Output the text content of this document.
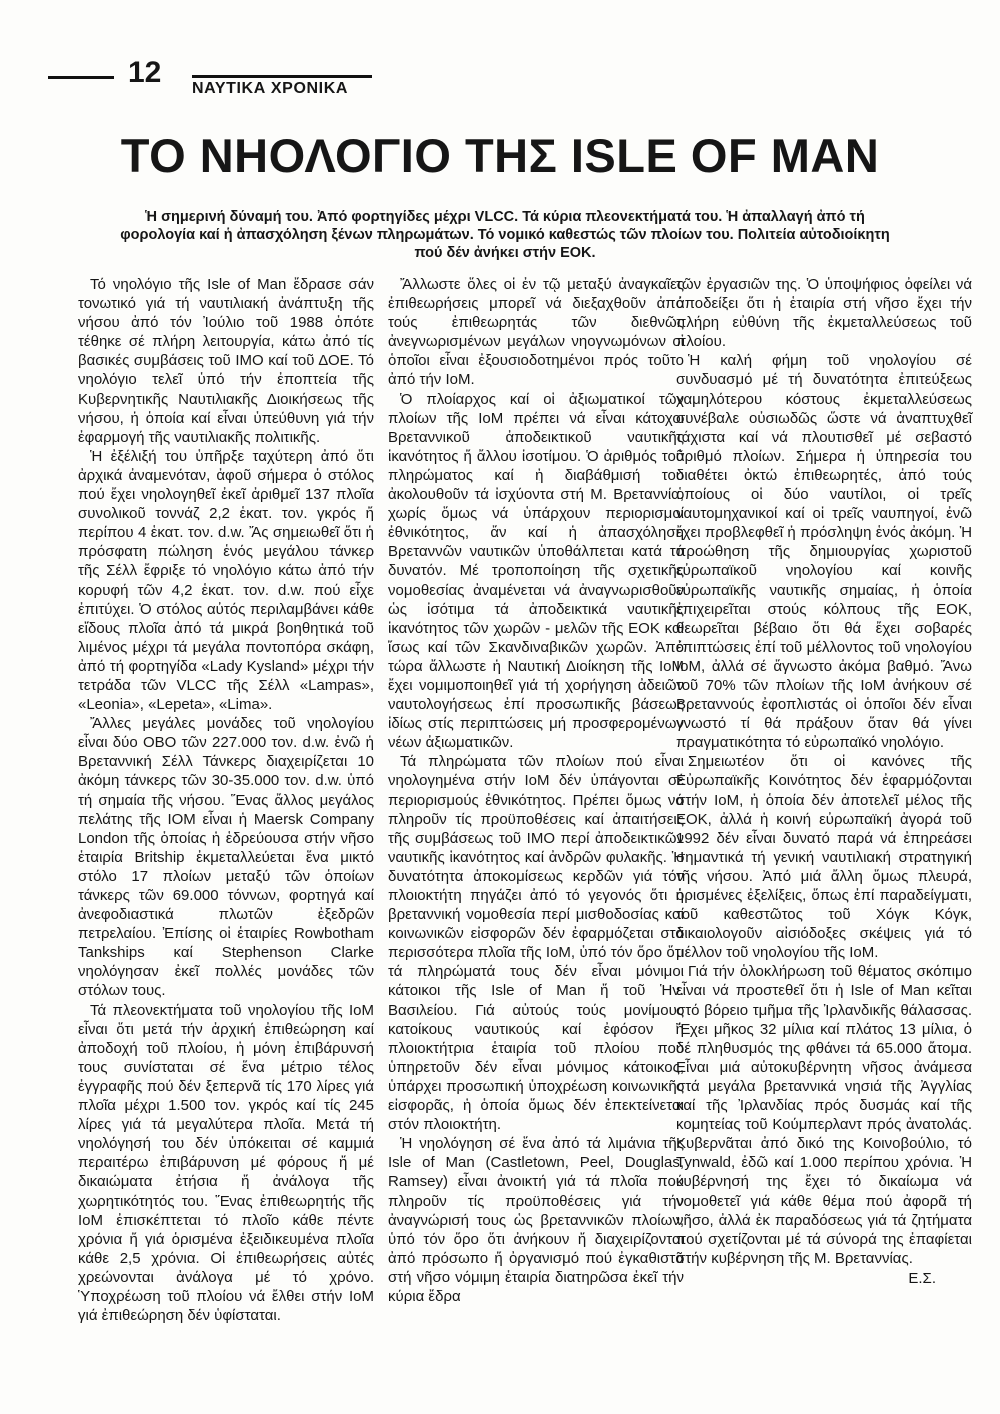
12 ΝΑΥΤΙΚΑ ΧΡΟΝΙΚΑ
ΤΟ ΝΗΟΛΟΓΙΟ ΤΗΣ ISLE OF MAN

Ἡ σημερινή δύναμή του. Ἀπό φορτηγίδες μέχρι VLCC. Τά κύρια πλεονεκτήματά του. Ἡ ἀπαλλαγή ἀπό τή φορολογία καί ἡ ἀπασχόληση ξένων πληρωμάτων. Τό νομικό καθεστώς τῶν πλοίων του. Πολιτεία αὐτοδιοίκητη πού δέν ἀνήκει στήν ΕΟΚ.

Τό νηολόγιο τῆς Isle of Man ἔδρασε σάν τονωτικό γιά τή ναυτιλιακή ἀνάπτυξη τῆς νήσου ἀπό τόν Ἰούλιο τοῦ 1988 ὁπότε τέθηκε σέ πλήρη λειτουργία, κάτω ἀπό τίς βασικές συμβάσεις τοῦ ΙΜΟ καί τοῦ ΔΟΕ. Τό νηολόγιο τελεῖ ὑπό τήν ἐποπτεία τῆς Κυβερνητικῆς Ναυτιλιακῆς Διοικήσεως τῆς νήσου, ἡ ὁποία καί εἶναι ὑπεύθυνη γιά τήν ἐφαρμογή τῆς ναυτιλιακῆς πολιτικῆς.

Ἡ ἐξέλιξή του ὑπῆρξε ταχύτερη ἀπό ὅτι ἀρχικά ἀναμενόταν, ἀφοῦ σήμερα ὁ στόλος πού ἔχει νηολογηθεῖ ἐκεῖ ἀριθμεῖ 137 πλοῖα συνολικοῦ τοννάζ 2,2 ἑκατ. τον. γκρός ἤ περίπου 4 ἑκατ. τον. d.w. Ἄς σημειωθεῖ ὅτι ἡ πρόσφατη πώληση ἑνός μεγάλου τάνκερ τῆς Σέλλ ἔφριξε τό νηολόγιο κάτω ἀπό τήν κορυφή τῶν 4,2 ἑκατ. τον. d.w. πού εἶχε ἐπιτύχει. Ὁ στόλος αὐτός περιλαμβάνει κάθε εἴδους πλοῖα ἀπό τά μικρά βοηθητικά τοῦ λιμένος μέχρι τά μεγάλα ποντοπόρα σκάφη, ἀπό τή φορτηγίδα «Lady Kysland» μέχρι τήν τετράδα τῶν VLCC τῆς Σέλλ «Lampas», «Leonia», «Lepeta», «Lima».

Ἄλλες μεγάλες μονάδες τοῦ νηολογίου εἶναι δύο ΟΒΟ τῶν 227.000 τον. d.w. ἐνῶ ἡ Βρεταννική Σέλλ Τάνκερς διαχειρίζεται 10 ἀκόμη τάνκερς τῶν 30-35.000 τον. d.w. ὑπό τή σημαία τῆς νήσου. Ἕνας ἄλλος μεγάλος πελάτης τῆς ΙΟΜ εἶναι ἡ Maersk Company London τῆς ὁποίας ἡ ἑδρεύουσα στήν νῆσο ἑταιρία Britship ἐκμεταλλεύεται ἕνα μικτό στόλο 17 πλοίων μεταξύ τῶν ὁποίων τάνκερς τῶν 69.000 τόννων, φορτηγά καί ἀνεφοδιαστικά πλωτῶν ἐξεδρῶν πετρελαίου. Ἐπίσης οἱ ἑταιρίες Rowbotham Tankships καί Stephenson Clarke νηολόγησαν ἐκεῖ πολλές μονάδες τῶν στόλων τους.

Τά πλεονεκτήματα τοῦ νηολογίου τῆς ΙοΜ εἶναι ὅτι μετά τήν ἀρχική ἐπιθεώρηση καί ἀποδοχή τοῦ πλοίου, ἡ μόνη ἐπιβάρυνσή τους συνίσταται σέ ἕνα μέτριο τέλος ἐγγραφῆς πού δέν ξεπερνᾶ τίς 170 λίρες γιά πλοῖα μέχρι 1.500 τον. γκρός καί τίς 245 λίρες γιά τά μεγαλύτερα πλοῖα. Μετά τή νηολόγησή του δέν ὑπόκειται σέ καμμιά περαιτέρω ἐπιβάρυνση μέ φόρους ἤ μέ δικαιώματα ἐτήσια ἤ ἀνάλογα τῆς χωρητικότητός του. Ἕνας ἐπιθεωρητής τῆς ΙοΜ ἐπισκέπτεται τό πλοῖο κάθε πέντε χρόνια ἤ γιά ὁρισμένα ἐξειδικευμένα πλοῖα κάθε 2,5 χρόνια. Οἱ ἐπιθεωρήσεις αὐτές χρεώνονται ἀνάλογα μέ τό χρόνο. Ὑποχρέωση τοῦ πλοίου νά ἔλθει στήν ΙοΜ γιά ἐπιθεώρηση δέν ὑφίσταται.

Ἄλλωστε ὅλες οἱ ἐν τῷ μεταξύ ἀναγκαῖες ἐπιθεωρήσεις μπορεῖ νά διεξαχθοῦν ἀπό τούς ἐπιθεωρητάς τῶν διεθνῶς ἀνεγνωρισμένων μεγάλων νηογνωμόνων οἱ ὁποῖοι εἶναι ἐξουσιοδοτημένοι πρός τοῦτο ἀπό τήν ΙοΜ.

Ὁ πλοίαρχος καί οἱ ἀξιωματικοί τῶν πλοίων τῆς ΙοΜ πρέπει νά εἶναι κάτοχοι Βρεταννικοῦ ἀποδεικτικοῦ ναυτικῆς ἱκανότητος ἤ ἄλλου ἰσοτίμου. Ὁ ἀριθμός τοῦ πληρώματος καί ἡ διαβάθμισή του ἀκολουθοῦν τά ἰσχύοντα στή Μ. Βρεταννία, χωρίς ὅμως νά ὑπάρχουν περιορισμοί ἐθνικότητος, ἄν καί ἡ ἀπασχόληση Βρεταννῶν ναυτικῶν ὑποθάλπεται κατά τό δυνατόν. Μέ τροποποίηση τῆς σχετικῆς νομοθεσίας ἀναμένεται νά ἀναγνωρισθοῦν ὡς ἰσότιμα τά ἀποδεικτικά ναυτικῆς ἱκανότητος τῶν χωρῶν - μελῶν τῆς ΕΟΚ καί ἴσως καί τῶν Σκανδιναβικῶν χωρῶν. Ἀπό τώρα ἄλλωστε ἡ Ναυτική Διοίκηση τῆς ΙοΜ ἔχει νομιμοποιηθεῖ γιά τή χορήγηση ἀδειῶν ναυτολογήσεως ἐπί προσωπικῆς βάσεως ἰδίως στίς περιπτώσεις μή προσφερομένων νέων ἀξιωματικῶν.

Τά πληρώματα τῶν πλοίων πού εἶναι νηολογημένα στήν ΙοΜ δέν ὑπάγονται σέ περιορισμούς ἐθνικότητος. Πρέπει ὅμως νά πληροῦν τίς προϋποθέσεις καί ἀπαιτήσεις τῆς συμβάσεως τοῦ ΙΜΟ περί ἀποδεικτικῶν ναυτικῆς ἱκανότητος καί ἀνδρῶν φυλακῆς. Ἡ δυνατότητα ἀποκομίσεως κερδῶν γιά τόν πλοιοκτήτη πηγάζει ἀπό τό γεγονός ὅτι ἡ βρεταννική νομοθεσία περί μισθοδοσίας καί κοινωνικῶν εἰσφορῶν δέν ἐφαρμόζεται στά περισσότερα πλοῖα τῆς ΙοΜ, ὑπό τόν ὅρο ὅτι τά πληρώματά τους δέν εἶναι μόνιμοι κάτοικοι τῆς Isle of Man ἤ τοῦ Ἡν. Βασιλείου. Γιά αὐτούς τούς μονίμους κατοίκους ναυτικούς καί ἐφόσον ἡ πλοιοκτήτρια ἑταιρία τοῦ πλοίου πού ὑπηρετοῦν δέν εἶναι μόνιμος κάτοικος, ὑπάρχει προσωπική ὑποχρέωση κοινωνικῆς εἰσφορᾶς, ἡ ὁποία ὅμως δέν ἐπεκτείνεται στόν πλοιοκτήτη.

Ἡ νηολόγηση σέ ἕνα ἀπό τά λιμάνια τῆς Isle of Man (Castletown, Peel, Douglas, Ramsey) εἶναι ἀνοικτή γιά τά πλοῖα πού πληροῦν τίς προϋποθέσεις γιά τήν ἀναγνώρισή τους ὡς βρεταννικῶν πλοίων, ὑπό τόν ὅρο ὅτι ἀνήκουν ἤ διαχειρίζονται ἀπό πρόσωπο ἤ ὀργανισμό πού ἐγκαθιστᾶ στή νῆσο νόμιμη ἑταιρία διατηρῶσα ἐκεῖ τήν κύρια ἔδρα

τῶν ἐργασιῶν της. Ὁ ὑποψήφιος ὀφείλει νά ἀποδείξει ὅτι ἡ ἑταιρία στή νῆσο ἔχει τήν πλήρη εὐθύνη τῆς ἐκμεταλλεύσεως τοῦ πλοίου.

Ἡ καλή φήμη τοῦ νηολογίου σέ συνδυασμό μέ τή δυνατότητα ἐπιτεύξεως χαμηλότερου κόστους ἐκμεταλλεύσεως συνέβαλε οὐσιωδῶς ὥστε νά ἀναπτυχθεῖ τάχιστα καί νά πλουτισθεῖ μέ σεβαστό ἀριθμό πλοίων. Σήμερα ἡ ὑπηρεσία του διαθέτει ὀκτώ ἐπιθεωρητές, ἀπό τούς ὁποίους οἱ δύο ναυτίλοι, οἱ τρεῖς ναυτομηχανικοί καί οἱ τρεῖς ναυπηγοί, ἐνῶ ἔχει προβλεφθεῖ ἡ πρόσληψη ἑνός ἀκόμη. Ἡ προώθηση τῆς δημιουργίας χωριστοῦ εὐρωπαϊκοῦ νηολογίου καί κοινῆς εὐρωπαϊκῆς ναυτικῆς σημαίας, ἡ ὁποία ἐπιχειρεῖται στούς κόλπους τῆς ΕΟΚ, θεωρεῖται βέβαιο ὅτι θά ἔχει σοβαρές ἐπιπτώσεις ἐπί τοῦ μέλλοντος τοῦ νηολογίου ΙοΜ, ἀλλά σέ ἄγνωστο ἀκόμα βαθμό. Ἄνω τοῦ 70% τῶν πλοίων τῆς ΙοΜ ἀνήκουν σέ Βρεταννούς ἐφοπλιστάς οἱ ὁποῖοι δέν εἶναι γνωστό τί θά πράξουν ὅταν θά γίνει πραγματικότητα τό εὐρωπαϊκό νηολόγιο.

Σημειωτέον ὅτι οἱ κανόνες τῆς Εὐρωπαϊκῆς Κοινότητος δέν ἐφαρμόζονται στήν ΙοΜ, ἡ ὁποία δέν ἀποτελεῖ μέλος τῆς ΕΟΚ, ἀλλά ἡ κοινή εὐρωπαϊκή ἀγορά τοῦ 1992 δέν εἶναι δυνατό παρά νά ἐπηρεάσει σημαντικά τή γενική ναυτιλιακή στρατηγική τῆς νήσου. Ἀπό μιά ἄλλη ὅμως πλευρά, ὁρισμένες ἐξελίξεις, ὅπως ἐπί παραδείγματι, τοῦ καθεστῶτος τοῦ Χόγκ Κόγκ, δικαιολογοῦν αἰσιόδοξες σκέψεις γιά τό μέλλον τοῦ νηολογίου τῆς ΙοΜ.

Γιά τήν ὁλοκλήρωση τοῦ θέματος σκόπιμο εἶναι νά προστεθεῖ ὅτι ἡ Isle of Man κεῖται στό βόρειο τμῆμα τῆς Ἰρλανδικῆς θάλασσας. Ἔχει μῆκος 32 μίλια καί πλάτος 13 μίλια, ὁ δέ πληθυσμός της φθάνει τά 65.000 ἄτομα. Εἶναι μιά αὐτοκυβέρνητη νῆσος ἀνάμεσα στά μεγάλα βρεταννικά νησιά τῆς Ἀγγλίας καί τῆς Ἰρλανδίας πρός δυσμάς καί τῆς κομητείας τοῦ Κούμπερλαντ πρός ἀνατολάς. Κυβερνᾶται ἀπό δικό της Κοινοβούλιο, τό Tynwald, ἐδῶ καί 1.000 περίπου χρόνια. Ἡ κυβέρνησή της ἔχει τό δικαίωμα νά νομοθετεῖ γιά κάθε θέμα πού ἀφορᾶ τή νῆσο, ἀλλά ἐκ παραδόσεως γιά τά ζητήματα πού σχετίζονται μέ τά σύνορά της ἐπαφίεται στήν κυβέρνηση τῆς Μ. Βρεταννίας.

Ε.Σ.
